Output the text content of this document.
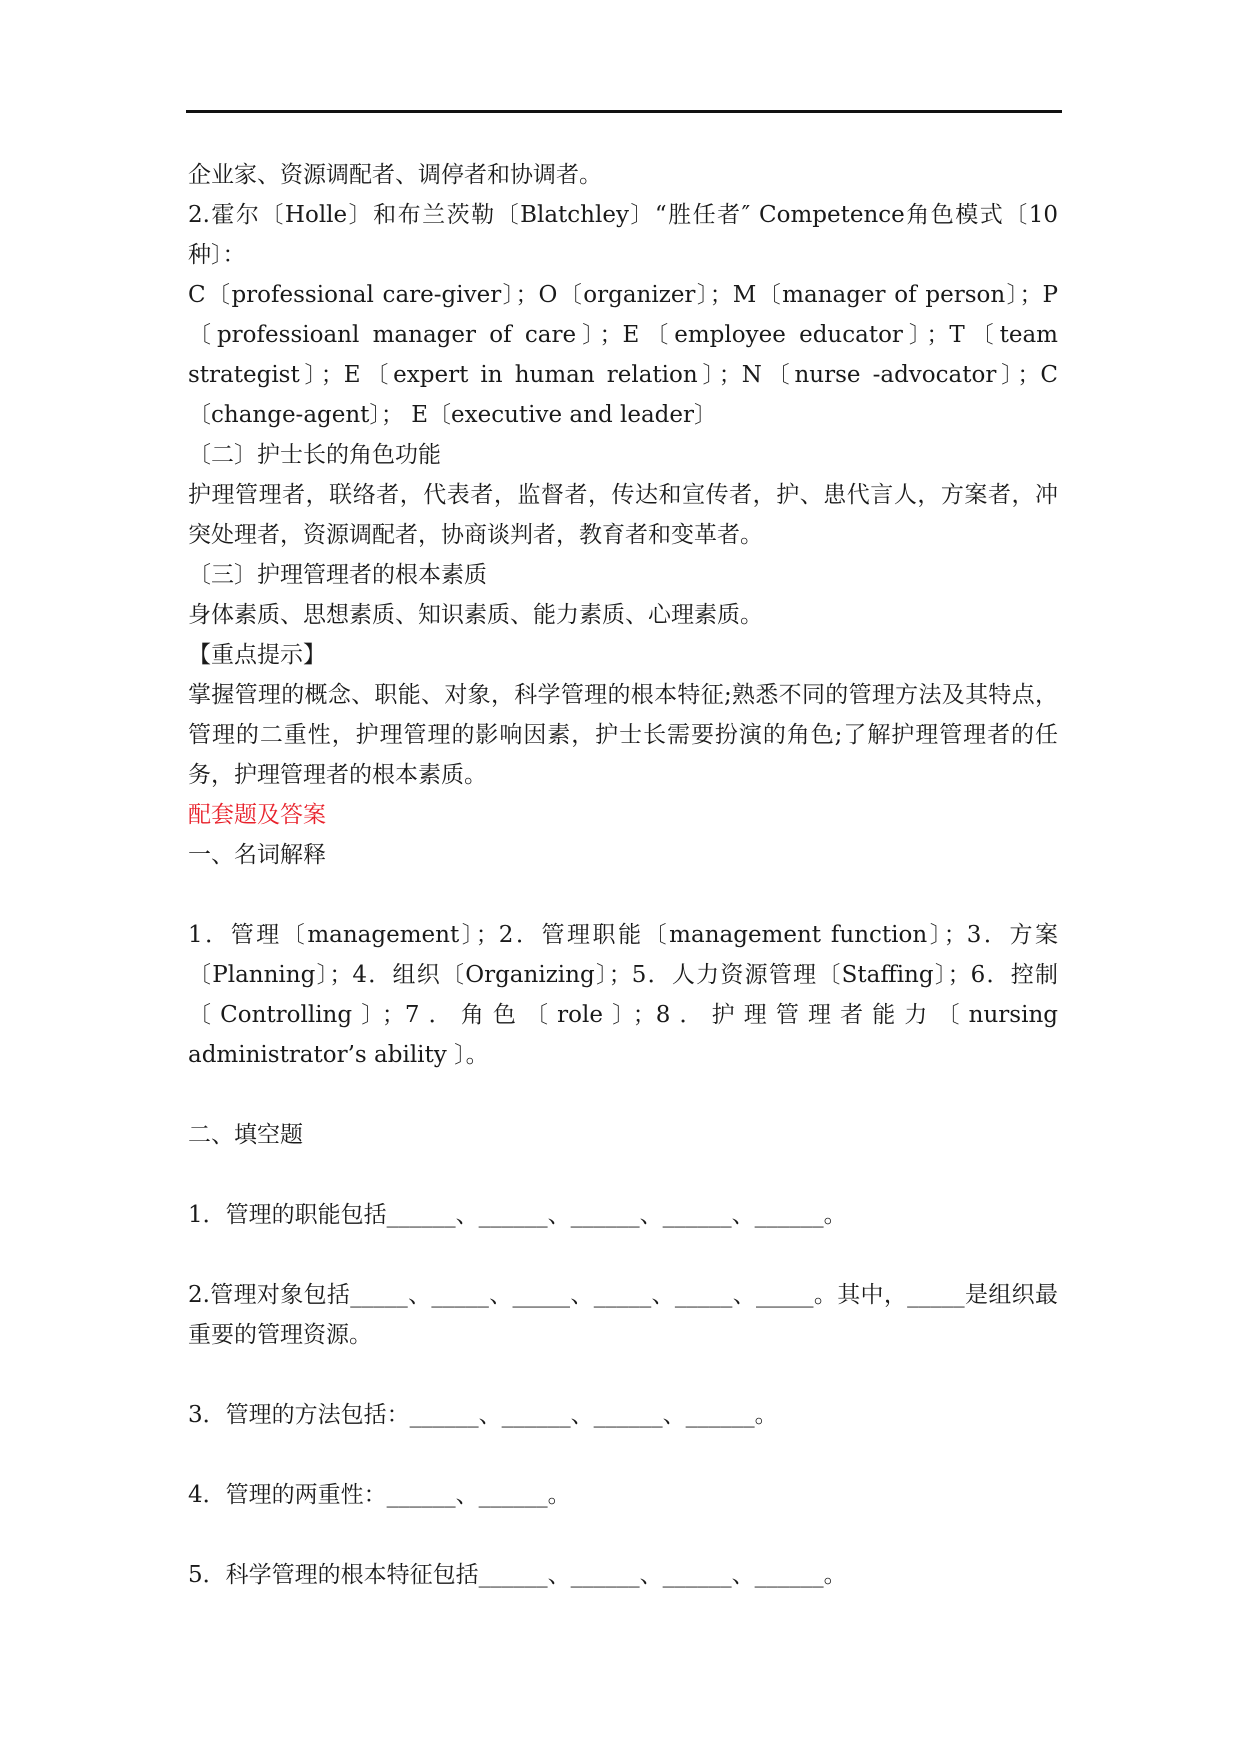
企业家、资源调配者、调停者和协调者。

2.霍尔〔Holle〕和布兰茨勒〔Blatchley〕“胜任者″ Competence角色模式〔10种〕：

C〔professional care-giver〕；O〔organizer〕；M〔manager of person〕；P〔professioanl manager of care〕；E〔employee educator〕；T〔team strategist〕；E〔expert in human relation〕；N〔nurse -advocator〕；C〔change-agent〕； E〔executive and leader〕

〔二〕护士长的角色功能

护理管理者，联络者，代表者，监督者，传达和宣传者，护、患代言人，方案者，冲突处理者，资源调配者，协商谈判者，教育者和变革者。

〔三〕护理管理者的根本素质

身体素质、思想素质、知识素质、能力素质、心理素质。

【重点提示】

掌握管理的概念、职能、对象，科学管理的根本特征;熟悉不同的管理方法及其特点，管理的二重性，护理管理的影响因素，护士长需要扮演的角色;了解护理管理者的任务，护理管理者的根本素质。

配套题及答案

一、名词解释

1．管理〔management〕；2．管理职能〔management function〕；3．方案〔Planning〕；4．组织〔Organizing〕；5．人力资源管理〔Staffing〕；6．控制〔Controlling〕；7．角色〔role〕；8．护理管理者能力〔nursing administrator’s ability 〕。

二、填空题

1．管理的职能包括______、______、______、______、______。

2.管理对象包括_____、_____、_____、_____、_____、_____。其中，_____是组织最重要的管理资源。

3．管理的方法包括：______、______、______、______。

4．管理的两重性：______、______。

5．科学管理的根本特征包括______、______、______、______。
